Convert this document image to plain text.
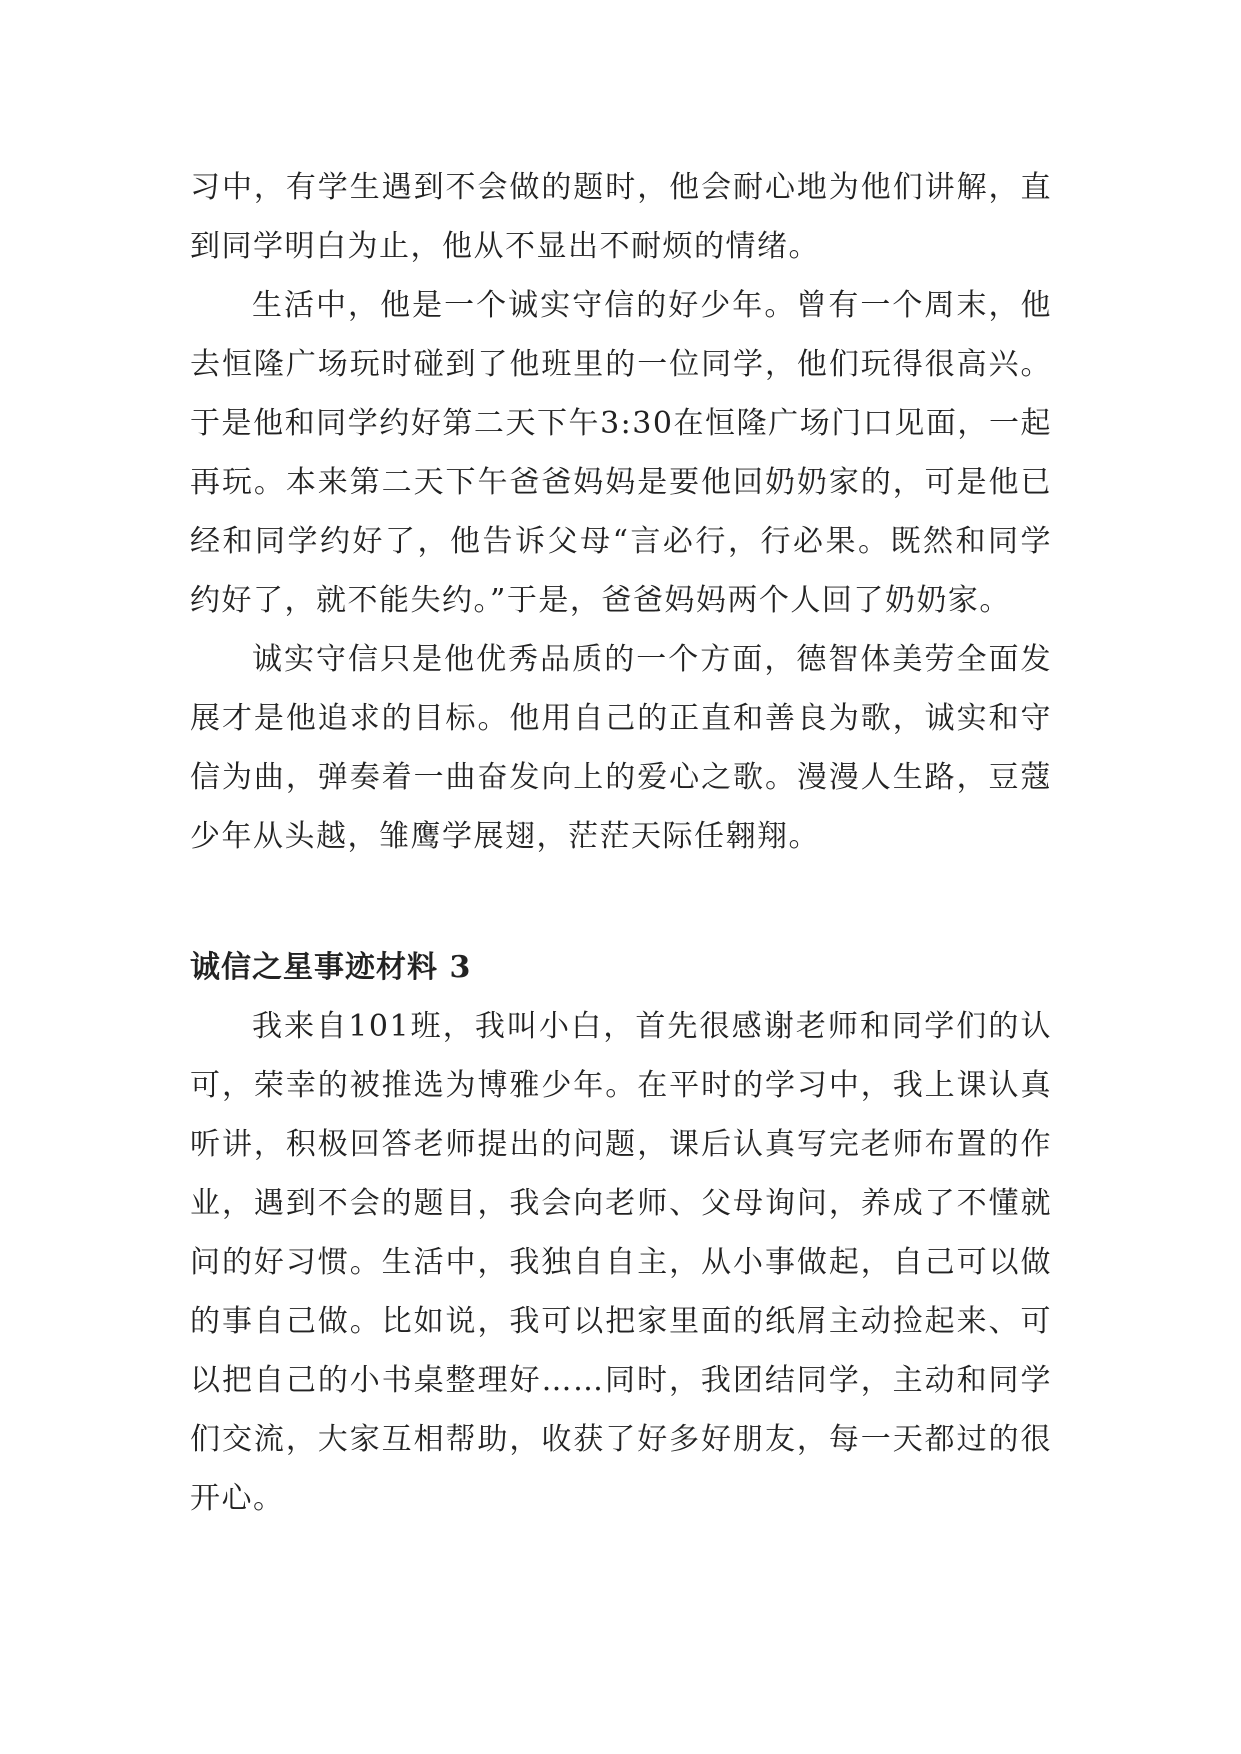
习中，有学生遇到不会做的题时，他会耐心地为他们讲解，直到同学明白为止，他从不显出不耐烦的情绪。

生活中，他是一个诚实守信的好少年。曾有一个周末，他去恒隆广场玩时碰到了他班里的一位同学，他们玩得很高兴。于是他和同学约好第二天下午3:30在恒隆广场门口见面，一起再玩。本来第二天下午爸爸妈妈是要他回奶奶家的，可是他已经和同学约好了，他告诉父母“言必行，行必果。既然和同学约好了，就不能失约。”于是，爸爸妈妈两个人回了奶奶家。

诚实守信只是他优秀品质的一个方面，德智体美劳全面发展才是他追求的目标。他用自己的正直和善良为歌，诚实和守信为曲，弹奏着一曲奋发向上的爱心之歌。漫漫人生路，豆蔻少年从头越，雏鹰学展翅，茫茫天际任翱翔。

诚信之星事迹材料 3

我来自101班，我叫小白，首先很感谢老师和同学们的认可，荣幸的被推选为博雅少年。在平时的学习中，我上课认真听讲，积极回答老师提出的问题，课后认真写完老师布置的作业，遇到不会的题目，我会向老师、父母询问，养成了不懂就问的好习惯。生活中，我独自自主，从小事做起，自己可以做的事自己做。比如说，我可以把家里面的纸屑主动捡起来、可以把自己的小书桌整理好……同时，我团结同学，主动和同学们交流，大家互相帮助，收获了好多好朋友，每一天都过的很开心。
